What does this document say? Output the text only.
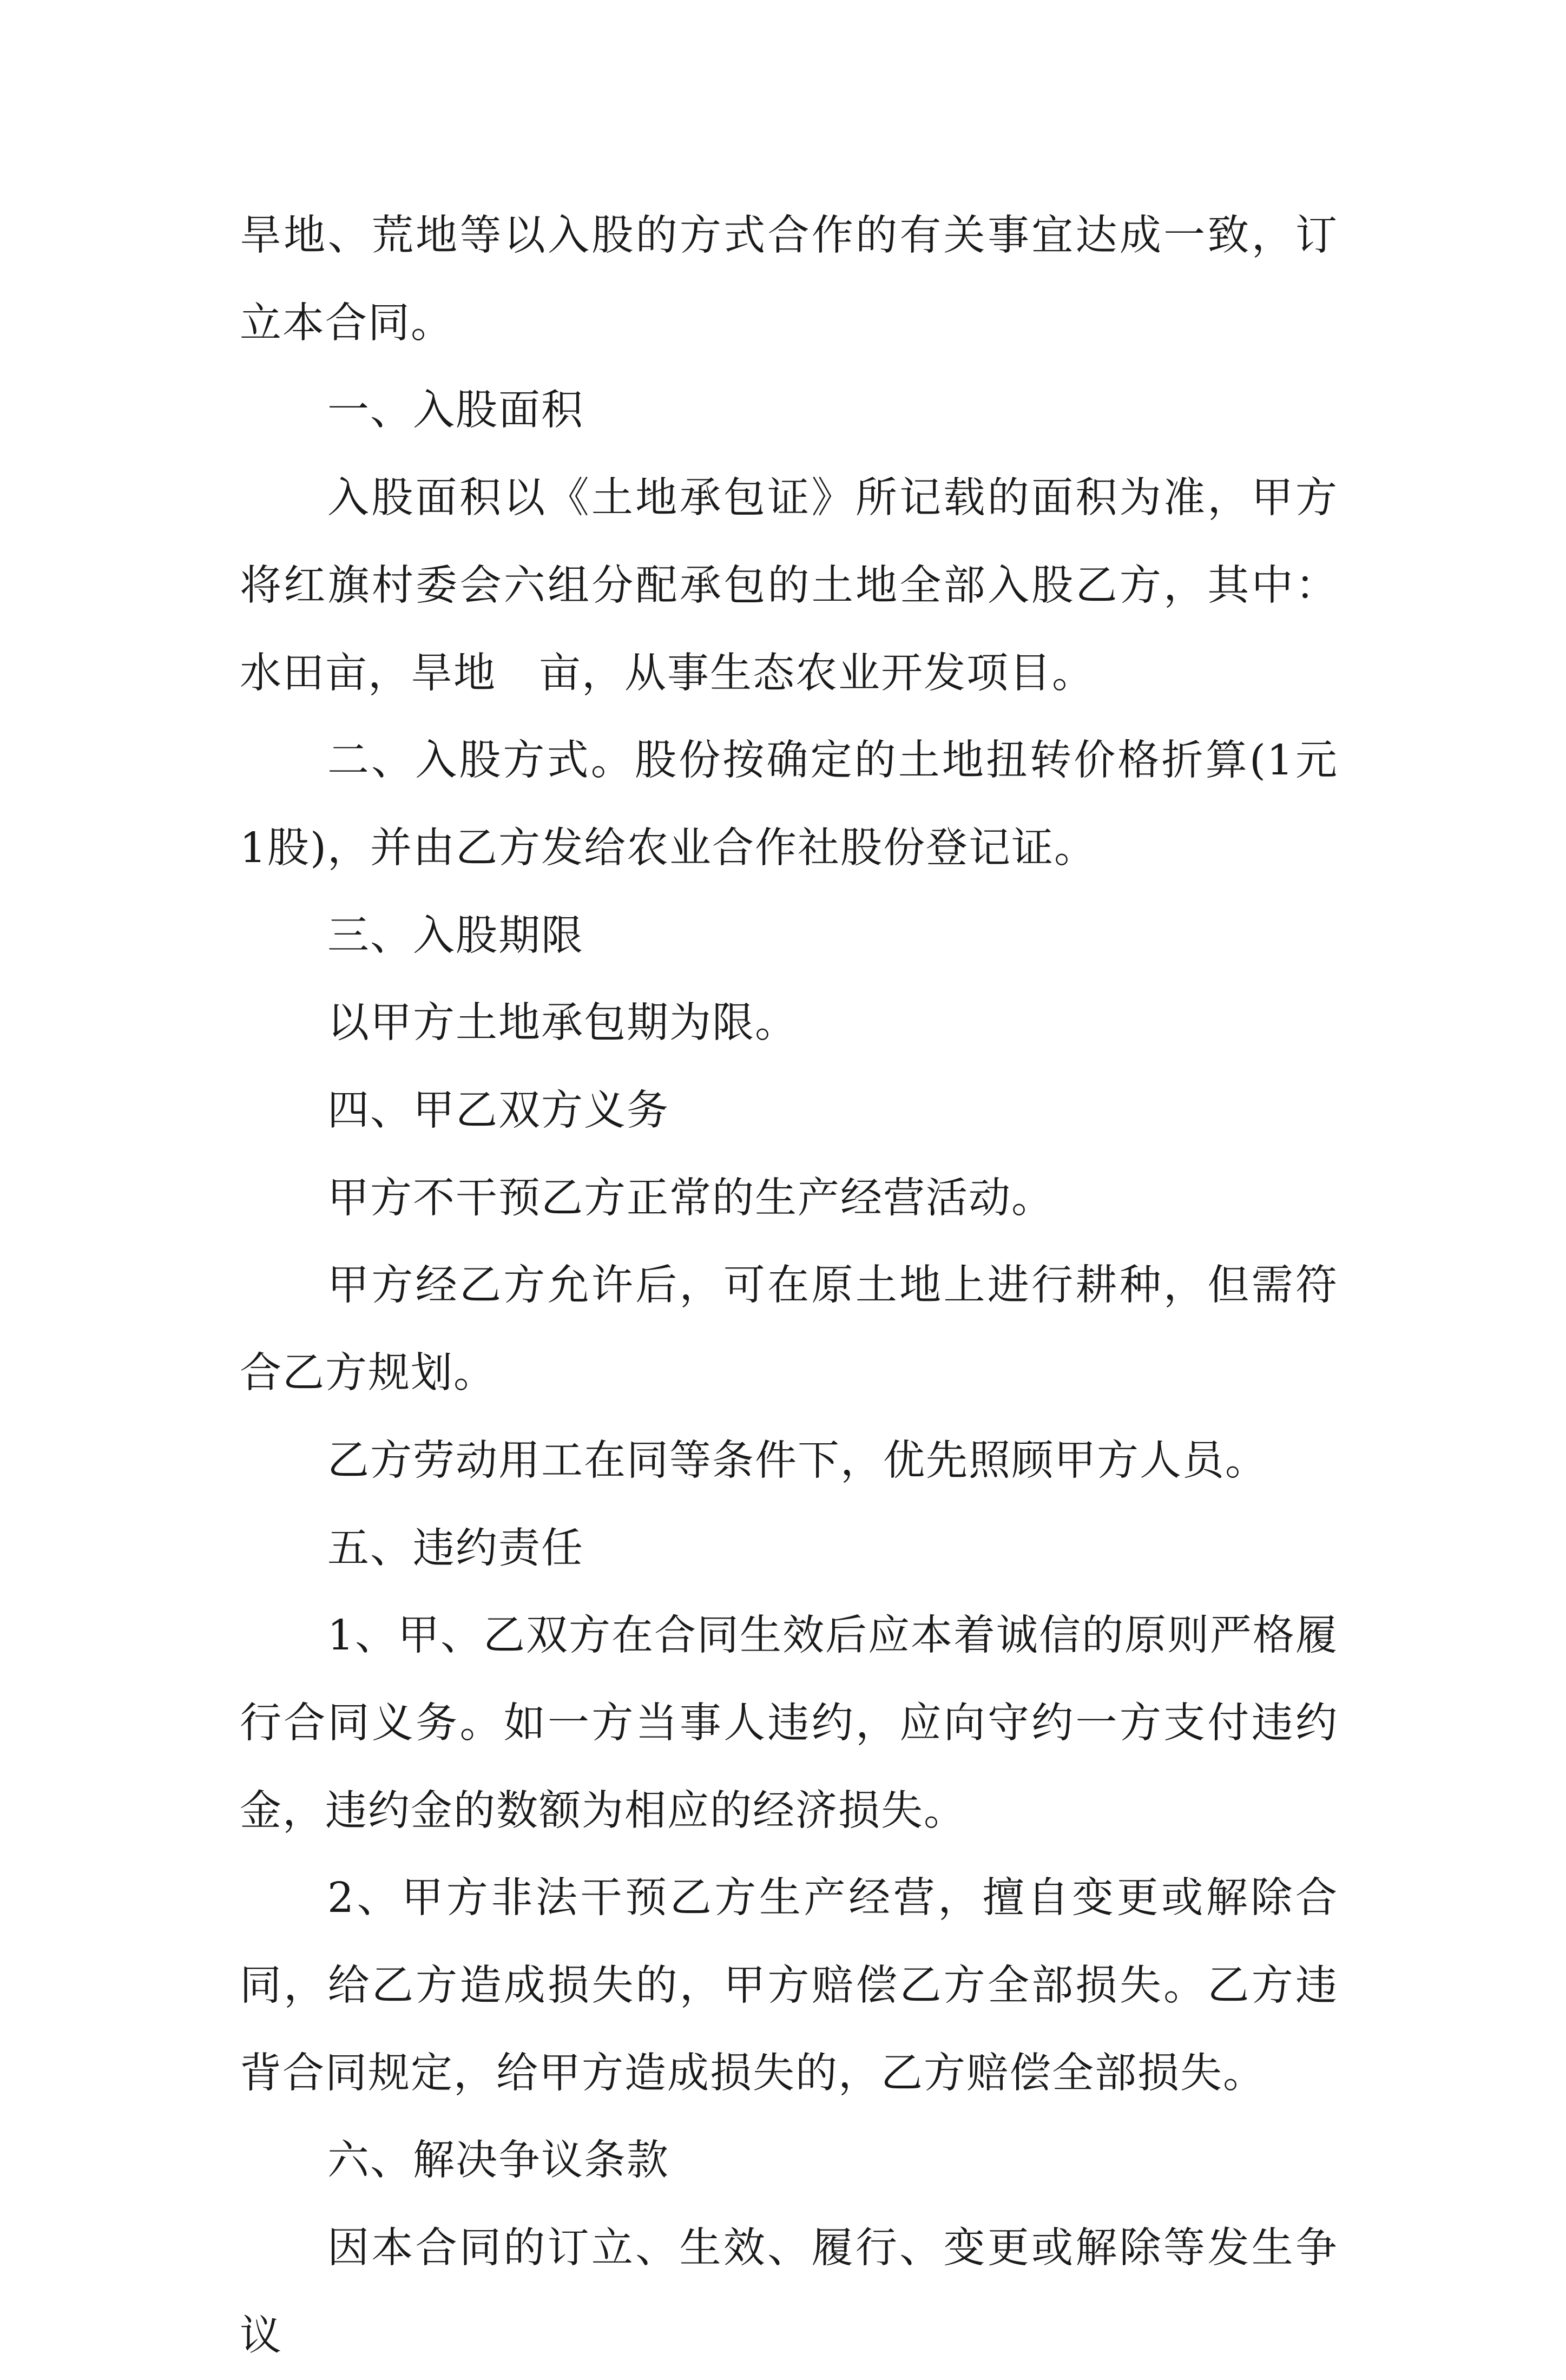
旱地、荒地等以入股的方式合作的有关事宜达成一致，订立本合同。

一、入股面积

入股面积以《土地承包证》所记载的面积为准，甲方将红旗村委会六组分配承包的土地全部入股乙方，其中：水田亩，旱地　亩，从事生态农业开发项目。

二、入股方式。股份按确定的土地扭转价格折算(1元1股)，并由乙方发给农业合作社股份登记证。

三、入股期限

以甲方土地承包期为限。

四、甲乙双方义务

甲方不干预乙方正常的生产经营活动。

甲方经乙方允许后，可在原土地上进行耕种，但需符合乙方规划。

乙方劳动用工在同等条件下，优先照顾甲方人员。

五、违约责任

1、甲、乙双方在合同生效后应本着诚信的原则严格履行合同义务。如一方当事人违约，应向守约一方支付违约金，违约金的数额为相应的经济损失。

2、甲方非法干预乙方生产经营，擅自变更或解除合同，给乙方造成损失的，甲方赔偿乙方全部损失。乙方违背合同规定，给甲方造成损失的，乙方赔偿全部损失。

六、解决争议条款

因本合同的订立、生效、履行、变更或解除等发生争议
